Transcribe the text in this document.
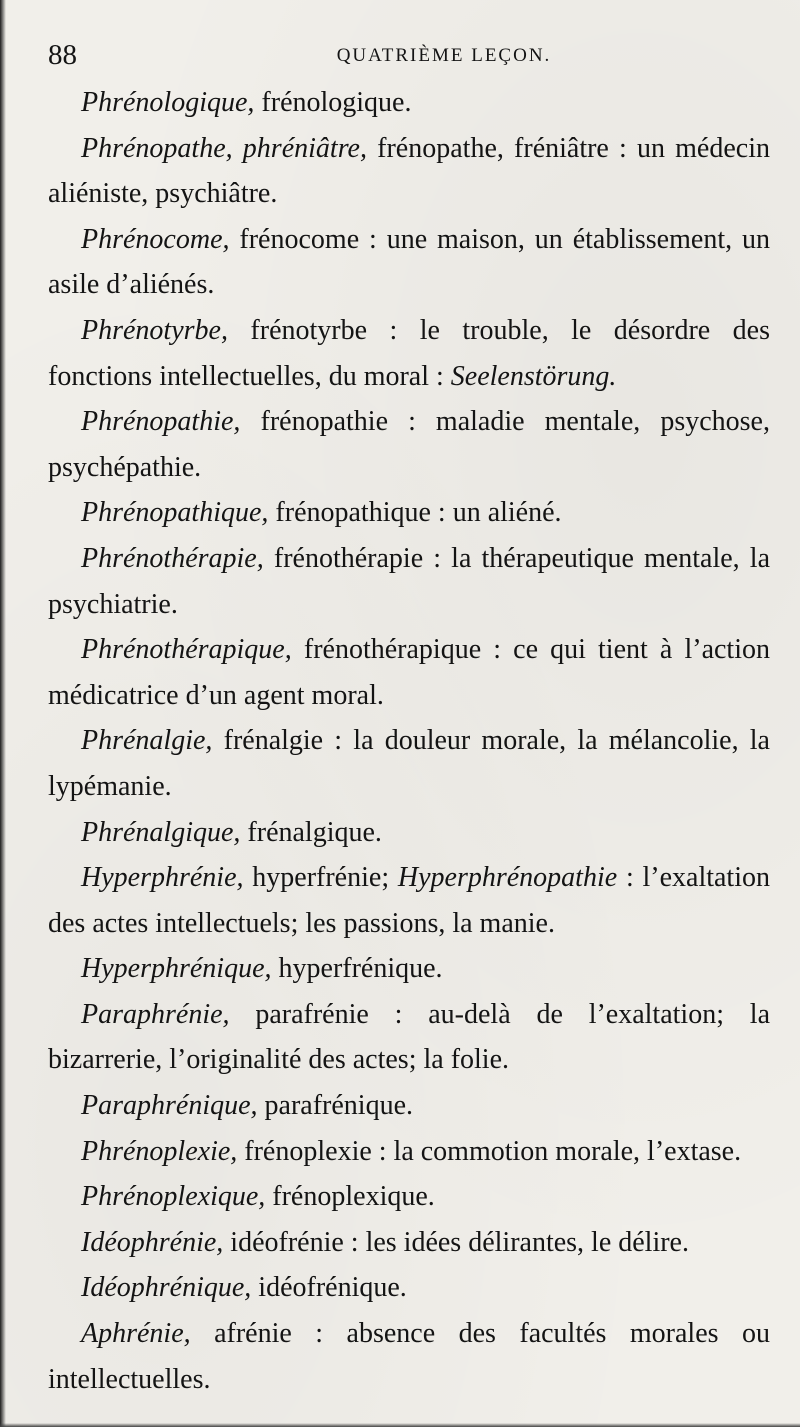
88	QUATRIÈME LEÇON.

Phrénologique, frénologique.

Phrénopathe, phréniâtre, frénopathe, fréniâtre : un médecin aliéniste, psychiâtre.

Phrénocome, frénocome : une maison, un établissement, un asile d’aliénés.

Phrénotyrbe, frénotyrbe : le trouble, le désordre des fonctions intellectuelles, du moral : Seelenstörung.

Phrénopathie, frénopathie : maladie mentale, psychose, psychépathie.

Phrénopathique, frénopathique : un aliéné.

Phrénothérapie, frénothérapie : la thérapeutique mentale, la psychiatrie.

Phrénothérapique, frénothérapique : ce qui tient à l’action médicatrice d’un agent moral.

Phrénalgie, frénalgie : la douleur morale, la mélancolie, la lypémanie.

Phrénalgique, frénalgique.

Hyperphrénie, hyperfrénie; Hyperphrénopathie : l’exaltation des actes intellectuels; les passions, la manie.

Hyperphrénique, hyperfrénique.

Paraphrénie, parafrénie : au-delà de l’exaltation; la bizarrerie, l’originalité des actes; la folie.

Paraphrénique, parafrénique.

Phrénoplexie, frénoplexie : la commotion morale, l’extase.

Phrénoplexique, frénoplexique.

Idéophrénie, idéofrénie : les idées délirantes, le délire.

Idéophrénique, idéofrénique.

Aphrénie, afrénie : absence des facultés morales ou intellectuelles.
